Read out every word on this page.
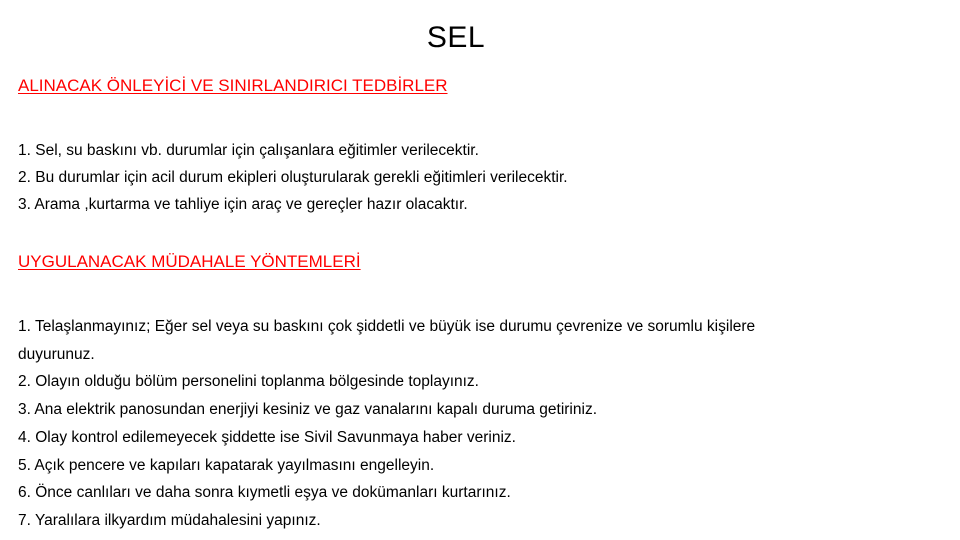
SEL
ALINACAK ÖNLEYİCİ VE SINIRLANDIRICI TEDBİRLER
1. Sel, su baskını vb. durumlar için çalışanlara eğitimler verilecektir.
2. Bu durumlar için acil durum ekipleri oluşturularak gerekli eğitimleri verilecektir.
3. Arama ,kurtarma ve tahliye için araç ve gereçler hazır olacaktır.
UYGULANACAK MÜDAHALE YÖNTEMLERİ
1. Telaşlanmayınız; Eğer sel veya su baskını çok şiddetli ve büyük ise durumu çevrenize ve sorumlu kişilere
duyurunuz.
2. Olayın olduğu bölüm personelini toplanma bölgesinde toplayınız.
3. Ana elektrik panosundan enerjiyi kesiniz ve gaz vanalarını kapalı duruma getiriniz.
4. Olay kontrol edilemeyecek şiddette ise Sivil Savunmaya haber veriniz.
5. Açık pencere ve kapıları kapatarak yayılmasını engelleyin.
6. Önce canlıları ve daha sonra kıymetli eşya ve dokümanları kurtarınız.
7. Yaralılara ilkyardım müdahalesini yapınız.
